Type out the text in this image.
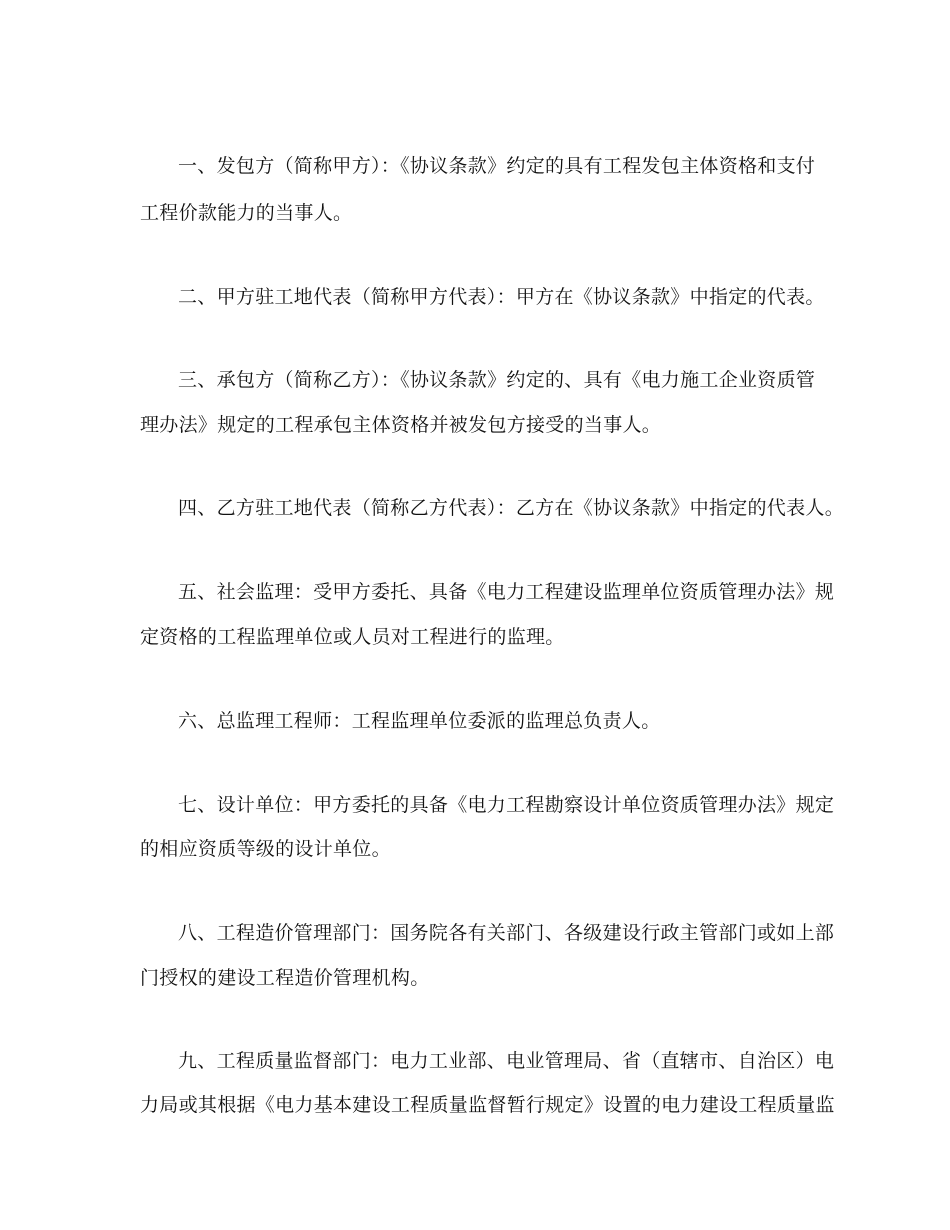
一、发包方（简称甲方）：《协议条款》约定的具有工程发包主体资格和支付
工程价款能力的当事人。
二、甲方驻工地代表（简称甲方代表）：甲方在《协议条款》中指定的代表。
三、承包方（简称乙方）：《协议条款》约定的、具有《电力施工企业资质管
理办法》规定的工程承包主体资格并被发包方接受的当事人。
四、乙方驻工地代表（简称乙方代表）：乙方在《协议条款》中指定的代表人。
五、社会监理：受甲方委托、具备《电力工程建设监理单位资质管理办法》规
定资格的工程监理单位或人员对工程进行的监理。
六、总监理工程师：工程监理单位委派的监理总负责人。
七、设计单位：甲方委托的具备《电力工程勘察设计单位资质管理办法》规定
的相应资质等级的设计单位。
八、工程造价管理部门：国务院各有关部门、各级建设行政主管部门或如上部
门授权的建设工程造价管理机构。
九、工程质量监督部门：电力工业部、电业管理局、省（直辖市、自治区）电
力局或其根据《电力基本建设工程质量监督暂行规定》设置的电力建设工程质量监
